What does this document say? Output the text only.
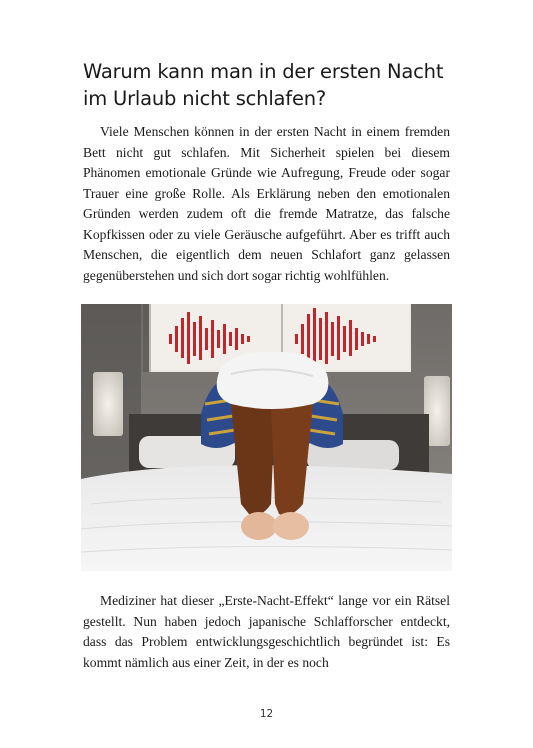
Warum kann man in der ersten Nacht im Urlaub nicht schlafen?

Viele Menschen können in der ersten Nacht in einem fremden Bett nicht gut schlafen. Mit Sicherheit spielen bei diesem Phänomen emotionale Gründe wie Aufregung, Freude oder sogar Trauer eine große Rolle. Als Erklärung neben den emotionalen Gründen werden zudem oft die fremde Matratze, das falsche Kopfkissen oder zu viele Geräusche aufgeführt. Aber es trifft auch Menschen, die eigentlich dem neuen Schlafort ganz gelassen gegenüberstehen und sich dort sogar richtig wohlfühlen.

Mediziner hat dieser „Erste-Nacht-Effekt“ lange vor ein Rätsel gestellt. Nun haben jedoch japanische Schlafforscher entdeckt, dass das Problem entwicklungsgeschichtlich begründet ist: Es kommt nämlich aus einer Zeit, in der es noch

12
